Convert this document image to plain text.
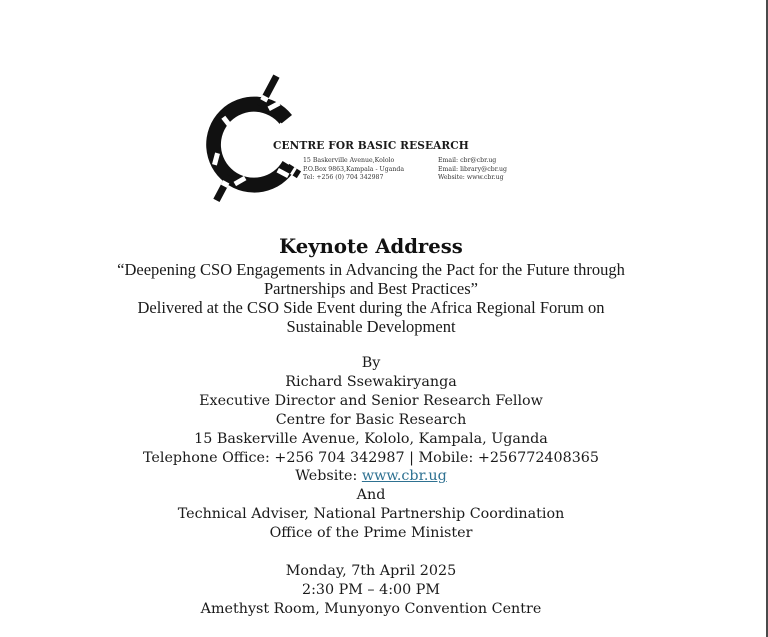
CENTRE FOR BASIC RESEARCH
15 Baskerville Avenue,Kololo
P.O.Box 9863,Kampala - Uganda
Tel: +256 (0) 704 342987
Email: cbr@cbr.ug
Email: library@cbr.ug
Website: www.cbr.ug
Keynote Address
“Deepening CSO Engagements in Advancing the Pact for the Future through
Partnerships and Best Practices”
Delivered at the CSO Side Event during the Africa Regional Forum on
Sustainable Development
By
Richard Ssewakiryanga
Executive Director and Senior Research Fellow
Centre for Basic Research
15 Baskerville Avenue, Kololo, Kampala, Uganda
Telephone Office: +256 704 342987 | Mobile: +256772408365
Website: www.cbr.ug
And
Technical Adviser, National Partnership Coordination
Office of the Prime Minister
Monday, 7th April 2025
2:30 PM – 4:00 PM
Amethyst Room, Munyonyo Convention Centre
